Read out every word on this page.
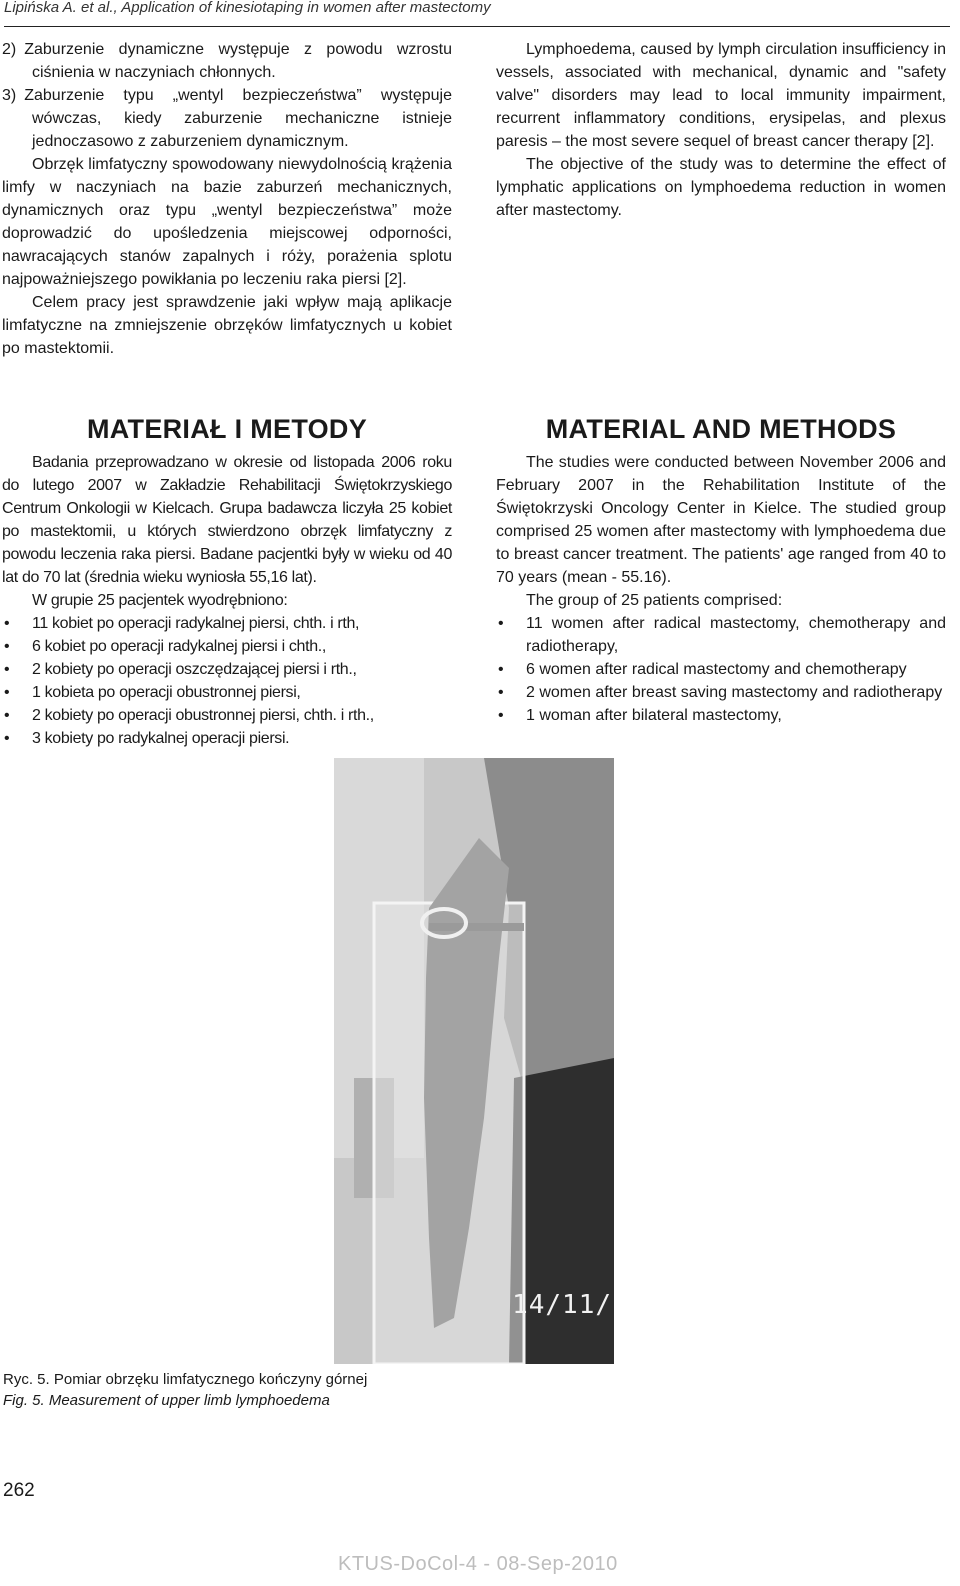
Lipińska A. et al., Application of kinesiotaping in women after mastectomy

2) Zaburzenie dynamiczne występuje z powodu wzrostu ciśnienia w naczyniach chłonnych.

3) Zaburzenie typu „wentyl bezpieczeństwa” występuje wówczas, kiedy zaburzenie mechaniczne istnieje jednoczasowo z zaburzeniem dynamicznym.

Obrzęk limfatyczny spowodowany niewydolnością krążenia limfy w naczyniach na bazie zaburzeń mechanicznych, dynamicznych oraz typu „wentyl bezpieczeństwa” może doprowadzić do upośledzenia miejscowej odporności, nawracających stanów zapalnych i róży, porażenia splotu najpoważniejszego powikłania po leczeniu raka piersi [2].

Celem pracy jest sprawdzenie jaki wpływ mają aplikacje limfatyczne na zmniejszenie obrzęków limfatycznych u kobiet po mastektomii.

Lymphoedema, caused by lymph circulation insufficiency in vessels, associated with mechanical, dynamic and "safety valve" disorders may lead to local immunity impairment, recurrent inflammatory conditions, erysipelas, and plexus paresis – the most severe sequel of breast cancer therapy [2].

The objective of the study was to determine the effect of lymphatic applications on lymphoedema reduction in women after mastectomy.

MATERIAŁ I METODY

Badania przeprowadzano w okresie od listopada 2006 roku do lutego 2007 w Zakładzie Rehabilitacji Świętokrzyskiego Centrum Onkologii w Kielcach. Grupa badawcza liczyła 25 kobiet po mastektomii, u których stwierdzono obrzęk limfatyczny z powodu leczenia raka piersi. Badane pacjentki były w wieku od 40 lat do 70 lat (średnia wieku wyniosła 55,16 lat).

W grupie 25 pacjentek wyodrębniono:

• 11 kobiet po operacji radykalnej piersi, chth. i rth,
• 6 kobiet po operacji radykalnej piersi i chth.,
• 2 kobiety po operacji oszczędzającej piersi i rth.,
• 1 kobieta po operacji obustronnej piersi,
• 2 kobiety po operacji obustronnej piersi, chth. i rth.,
• 3 kobiety po radykalnej operacji piersi.
MATERIAL AND METHODS

The studies were conducted between November 2006 and February 2007 in the Rehabilitation Institute of the Świętokrzyski Oncology Center in Kielce. The studied group comprised 25 women after mastectomy with lymphoedema due to breast cancer treatment. The patients' age ranged from 40 to 70 years (mean - 55.16).

The group of 25 patients comprised:

• 11 women after radical mastectomy, chemotherapy and radiotherapy,
• 6 women after radical mastectomy and chemotherapy
• 2 women after breast saving mastectomy and radiotherapy
• 1 woman after bilateral mastectomy,
14/11/
Ryc. 5. Pomiar obrzęku limfatycznego kończyny górnej
Fig. 5. Measurement of upper limb lymphoedema
262
KTUS-DoCol-4 - 08-Sep-2010
